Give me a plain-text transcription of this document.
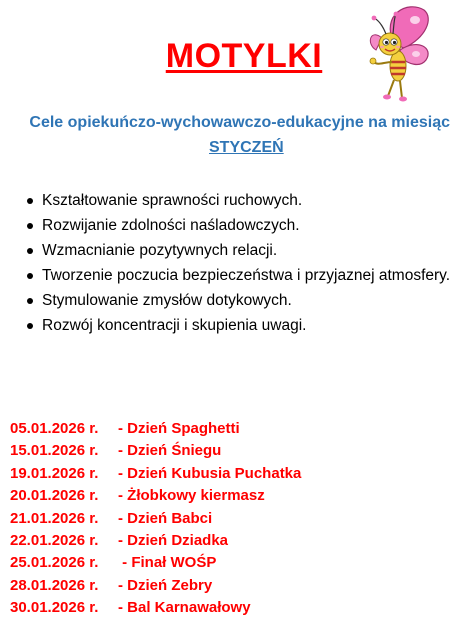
MOTYLKI
Cele opiekuńczo-wychowawczo-edukacyjne na miesiąc
STYCZEŃ
Kształtowanie sprawności ruchowych.
Rozwijanie zdolności naśladowczych.
Wzmacnianie pozytywnych relacji.
Tworzenie poczucia bezpieczeństwa i przyjaznej atmosfery.
Stymulowanie zmysłów dotykowych.
Rozwój koncentracji i skupienia uwagi.
05.01.2026 r. - Dzień Spaghetti
15.01.2026 r. - Dzień Śniegu
19.01.2026 r. - Dzień Kubusia Puchatka
20.01.2026 r. - Żłobkowy kiermasz
21.01.2026 r. - Dzień Babci
22.01.2026 r. - Dzień Dziadka
25.01.2026 r. - Finał WOŚP
28.01.2026 r. - Dzień Zebry
30.01.2026 r. - Bal Karnawałowy
